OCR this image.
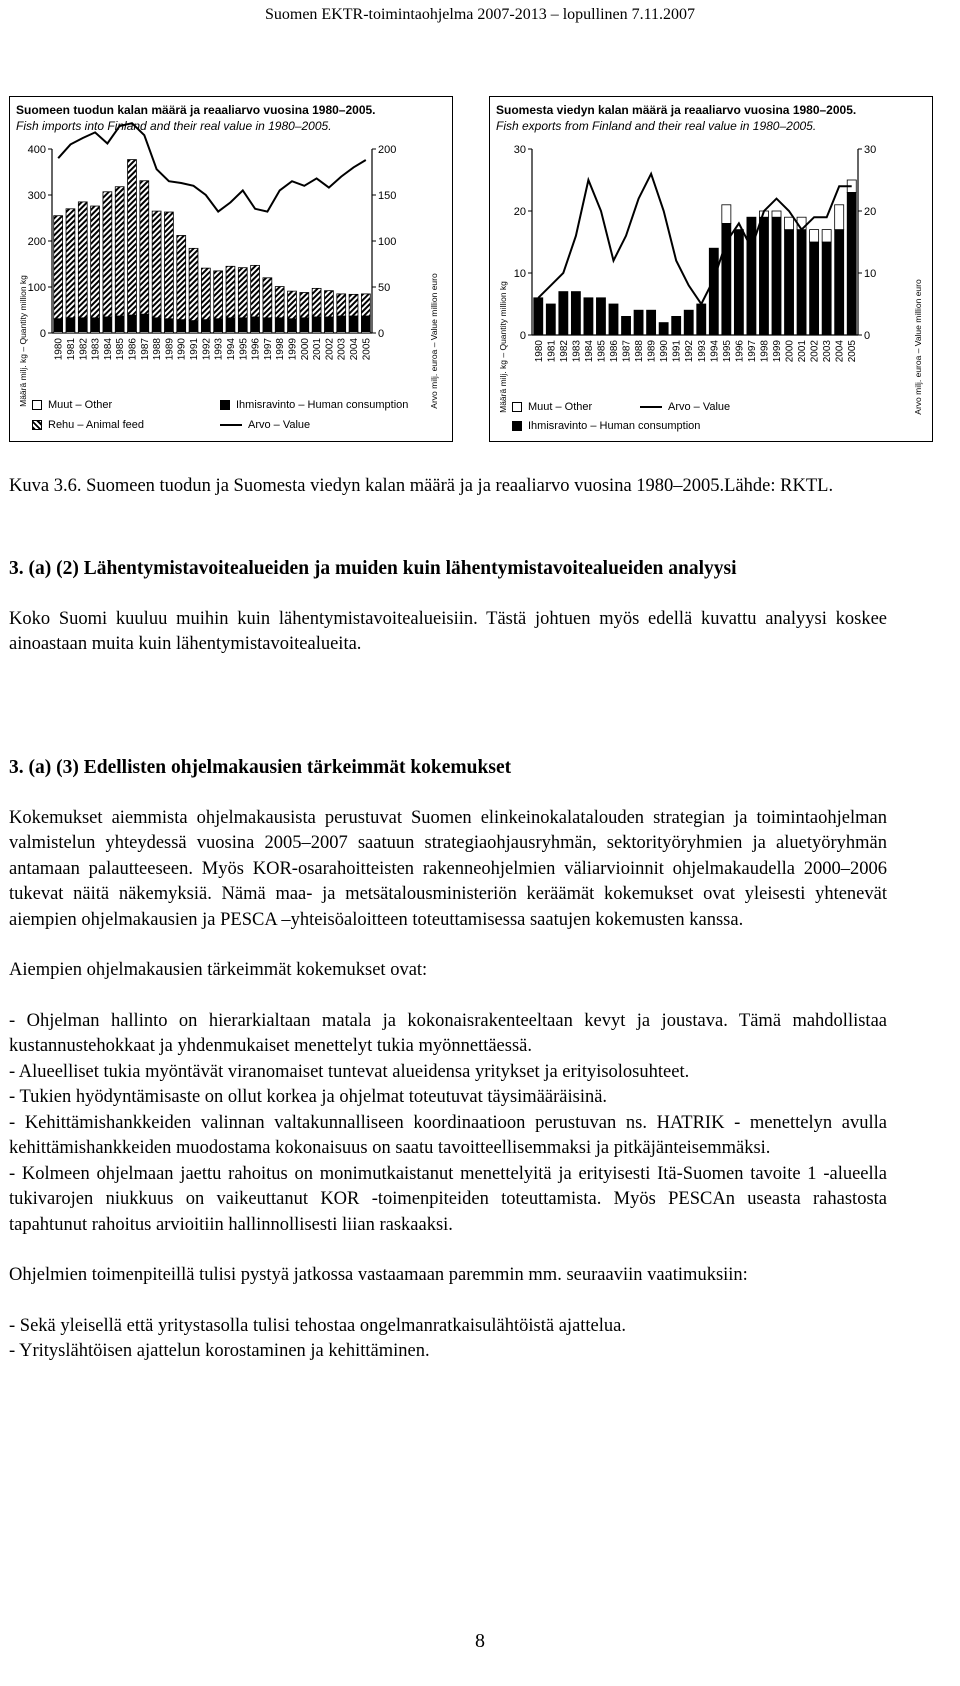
Suomen EKTR-toimintaohjelma 2007-2013 – lopullinen 7.11.2007
Suomeen tuodun kalan määrä ja reaaliarvo vuosina 1980–2005.
Fish imports into Finland and their real value in 1980–2005.
Määrä milj. kg – Quantity million kg	Arvo milj. euroa – Value million euro
0
100
200
300
400
0
50
100
150
200
1980 1981 1982 1983 1984 1985 1986 1987 1988 1989 1990 1991 1992 1993 1994 1995 1996 1997 1998 1999 2000 2001 2002 2003 2004 2005
Muut – Other	Ihmisravinto – Human consumption
Rehu – Animal feed	Arvo – Value
Suomesta viedyn kalan määrä ja reaaliarvo vuosina 1980–2005.
Fish exports from Finland and their real value in 1980–2005.
Määrä milj. kg – Quantity million kg	Arvo milj. euroa – Value million euro
0
10
20
30
0
10
20
30
1980 1981 1982 1983 1984 1985 1986 1987 1988 1989 1990 1991 1992 1993 1994 1995 1996 1997 1998 1999 2000 2001 2002 2003 2004 2005
Muut – Other	Arvo – Value
Ihmisravinto – Human consumption

Kuva 3.6. Suomeen tuodun ja Suomesta viedyn kalan määrä ja ja reaaliarvo vuosina 1980–2005.Lähde: RKTL.

3. (a) (2) Lähentymistavoitealueiden ja muiden kuin lähentymistavoitealueiden analyysi

Koko Suomi kuuluu muihin kuin lähentymistavoitealueisiin. Tästä johtuen myös edellä kuvattu analyysi koskee ainoastaan muita kuin lähentymistavoitealueita.

3. (a) (3) Edellisten ohjelmakausien tärkeimmät kokemukset

Kokemukset aiemmista ohjelmakausista perustuvat Suomen elinkeinokalatalouden strategian ja toimintaohjelman valmistelun yhteydessä vuosina 2005–2007 saatuun strategiaohjausryhmän, sektorityöryhmien ja aluetyöryhmän antamaan palautteeseen. Myös KOR-osarahoitteisten rakenneohjelmien väliarvioinnit ohjelmakaudella 2000–2006 tukevat näitä näkemyksiä. Nämä maa- ja metsätalousministeriön keräämät kokemukset ovat yleisesti yhtenevät aiempien ohjelmakausien ja PESCA –yhteisöaloitteen toteuttamisessa saatujen kokemusten kanssa.

Aiempien ohjelmakausien tärkeimmät kokemukset ovat:

- Ohjelman hallinto on hierarkialtaan matala ja kokonaisrakenteeltaan kevyt ja joustava. Tämä mahdollistaa kustannustehokkaat ja yhdenmukaiset menettelyt tukia myönnettäessä.

- Alueelliset tukia myöntävät viranomaiset tuntevat alueidensa yritykset ja erityisolosuhteet.

- Tukien hyödyntämisaste on ollut korkea ja ohjelmat toteutuvat täysimääräisinä.

- Kehittämishankkeiden valinnan valtakunnalliseen koordinaatioon perustuvan ns. HATRIK - menettelyn avulla kehittämishankkeiden muodostama kokonaisuus on saatu tavoitteellisemmaksi ja pitkäjänteisemmäksi.

- Kolmeen ohjelmaan jaettu rahoitus on monimutkaistanut menettelyitä ja erityisesti Itä-Suomen tavoite 1 -alueella tukivarojen niukkuus on vaikeuttanut KOR -toimenpiteiden toteuttamista. Myös PESCAn useasta rahastosta tapahtunut rahoitus arvioitiin hallinnollisesti liian raskaaksi.

Ohjelmien toimenpiteillä tulisi pystyä jatkossa vastaamaan paremmin mm. seuraaviin vaatimuksiin:

- Sekä yleisellä että yritystasolla tulisi tehostaa ongelmanratkaisulähtöistä ajattelua.

- Yrityslähtöisen ajattelun korostaminen ja kehittäminen.

8
